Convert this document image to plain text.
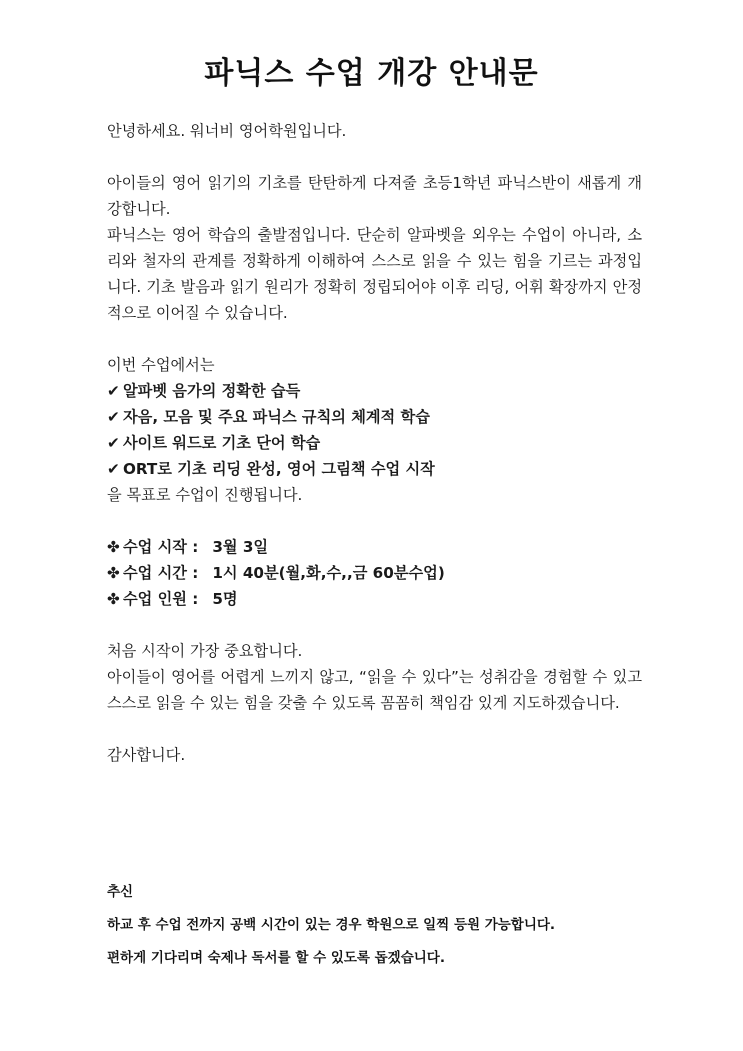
파닉스 수업 개강 안내문

안녕하세요. 워너비 영어학원입니다.

아이들의 영어 읽기의 기초를 탄탄하게 다져줄 초등1학년 파닉스반이 새롭게 개강합니다.

파닉스는 영어 학습의 출발점입니다. 단순히 알파벳을 외우는 수업이 아니라, 소리와 철자의 관계를 정확하게 이해하여 스스로 읽을 수 있는 힘을 기르는 과정입니다. 기초 발음과 읽기 원리가 정확히 정립되어야 이후 리딩, 어휘 확장까지 안정적으로 이어질 수 있습니다.

이번 수업에서는

✔ 알파벳 음가의 정확한 습득

✔ 자음, 모음 및 주요 파닉스 규칙의 체계적 학습

✔ 사이트 워드로 기초 단어 학습

✔ ORT로 기초 리딩 완성, 영어 그림책 수업 시작

을 목표로 수업이 진행됩니다.

✤ 수업 시작 : 3월 3일

✤ 수업 시간 : 1시 40분(월,화,수,,금 60분수업)

✤ 수업 인원 : 5명

처음 시작이 가장 중요합니다.

아이들이 영어를 어렵게 느끼지 않고, “읽을 수 있다”는 성취감을 경험할 수 있고 스스로 읽을 수 있는 힘을 갖출 수 있도록 꼼꼼히 책임감 있게 지도하겠습니다.

감사합니다.

추신

하교 후 수업 전까지 공백 시간이 있는 경우 학원으로 일찍 등원 가능합니다.

편하게 기다리며 숙제나 독서를 할 수 있도록 돕겠습니다.
